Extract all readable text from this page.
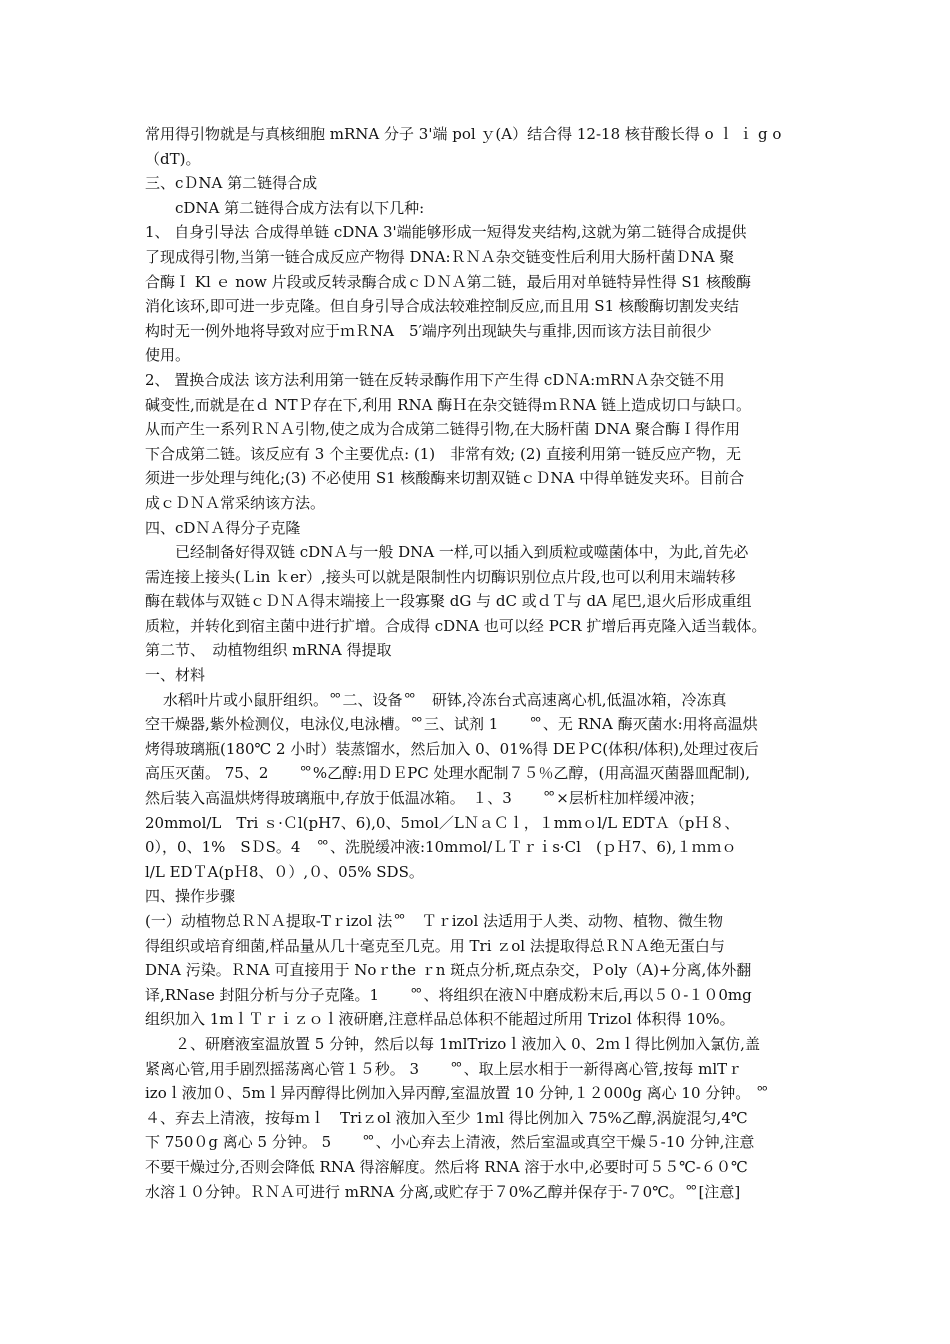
常用得引物就是与真核细胞 mRNA 分子 3'端 pol ｙ(A）结合得 12-18 核苷酸长得 o ｌ ｉ g o
（dT)。
三、cＤNA 第二链得合成
cDNA 第二链得合成方法有以下几种:
1、 自身引导法 合成得单链 cDNA 3'端能够形成一短得发夹结构,这就为第二链得合成提供
了现成得引物,当第一链合成反应产物得 DNA:ＲＮＡ杂交链变性后利用大肠杆菌ＤNA 聚
合酶Ｉ Kl ｅ now 片段或反转录酶合成ｃＤＮＡ第二链，最后用对单链特异性得 S1 核酸酶
消化该环,即可进一步克隆。但自身引导合成法较难控制反应,而且用 S1 核酸酶切割发夹结
构时无一例外地将导致对应于ｍＲNA　5′端序列出现缺失与重排,因而该方法目前很少
使用。
2、 置换合成法 该方法利用第一链在反转录酶作用下产生得 cDＮA:ｍRNＡ杂交链不用
碱变性,而就是在ｄ NTＰ存在下,利用 RNA 酶Ｈ在杂交链得ｍＲNA 链上造成切口与缺口。
从而产生一系列ＲＮＡ引物,使之成为合成第二链得引物,在大肠杆菌 DNA 聚合酶Ｉ得作用
下合成第二链。该反应有 3 个主要优点: (1)　非常有效; (2) 直接利用第一链反应产物，无
须进一步处理与纯化;(3) 不必使用 S1 核酸酶来切割双链ｃＤNA 中得单链发夹环。目前合
成ｃＤＮＡ常采纳该方法。
四、cDＮＡ得分子克隆
已经制备好得双链 cDNＡ与一般 DNA 一样,可以插入到质粒或噬菌体中，为此,首先必
需连接上接头(Ｌin ｋer）,接头可以就是限制性内切酶识别位点片段,也可以利用末端转移
酶在载体与双链ｃＤＮＡ得末端接上一段寡聚 dG 与 dC 或ｄＴ与 dA 尾巴,退火后形成重组
质粒，并转化到宿主菌中进行扩增。合成得 cDNA 也可以经 PCR 扩增后再克隆入适当载体。
第二节、　动植物组织 mRNA 得提取
一、材料
水稻叶片或小鼠肝组织。ᅇ二、设备ᅇ　研钵,冷冻台式高速离心机,低温冰箱，冷冻真
空干燥器,紫外检测仪，电泳仪,电泳槽。ᅇ三、试剂 1　　ᅇ、无 RNA 酶灭菌水:用将高温烘
烤得玻璃瓶(180℃ 2 小时）装蒸馏水，然后加入 0、01%得 DEＰC(体积/体积),处理过夜后
高压灭菌。 75、2　　ᅇ%乙醇:用ＤＥPC 处理水配制７５％乙醇，(用高温灭菌器皿配制),
然后装入高温烘烤得玻璃瓶中,存放于低温冰箱。　１、3　　ᅇ×层析柱加样缓冲液；
20mmol/L　Tri ｓ·Ｃl(pH7、6),0、5ｍol／LＮａＣｌ，１mmｏl/L EDTＡ（pＨ８、
0），0、1%　SＤS。4　ᅇ、洗脱缓冲液:10mｍol/ＬＴｒｉs·Cl　(ｐＨ7、6),１ｍｍｏ
l/L EDＴA(pＨ8、０）,０、05% SDS。
四、操作步骤
(一）动植物总ＲＮＡ提取-Tｒizol 法ᅇ　Ｔｒizol 法适用于人类、动物、植物、微生物
得组织或培育细菌,样品量从几十毫克至几克。用 Tri ｚol 法提取得总ＲＮＡ绝无蛋白与
DNA 污染。ＲNA 可直接用于 Noｒthe ｒn 斑点分析,斑点杂交，Ｐoly（A)+分离,体外翻
译,RNase 封阻分析与分子克隆。1　　ᅇ、将组织在液Ｎ中磨成粉末后,再以５０-１０0mg
组织加入 1mｌＴｒｉｚｏｌ液研磨,注意样品总体积不能超过所用 Trizol 体积得 10%。
２、研磨液室温放置 5 分钟，然后以每 1mlTrizoｌ液加入 0、2ｍｌ得比例加入氯仿,盖
紧离心管,用手剧烈摇荡离心管１５秒。 3　　ᅇ、取上层水相于一新得离心管,按每 mlTｒ
izoｌ液加０、5mｌ异丙醇得比例加入异丙醇,室温放置 10 分钟,１２000g 离心 10 分钟。 ᅇ
４、弃去上清液，按每ｍｌ　Triｚol 液加入至少 1ml 得比例加入 75%乙醇,涡旋混匀,4℃
下 750０g 离心 5 分钟。 5　　ᅇ、小心弃去上清液，然后室温或真空干燥５-10 分钟,注意
不要干燥过分,否则会降低 RNA 得溶解度。然后将 RNA 溶于水中,必要时可５５℃-６０℃
水溶１０分钟。ＲＮＡ可进行 mRNA 分离,或贮存于７0%乙醇并保存于-７0℃。ᅇ[注意]
